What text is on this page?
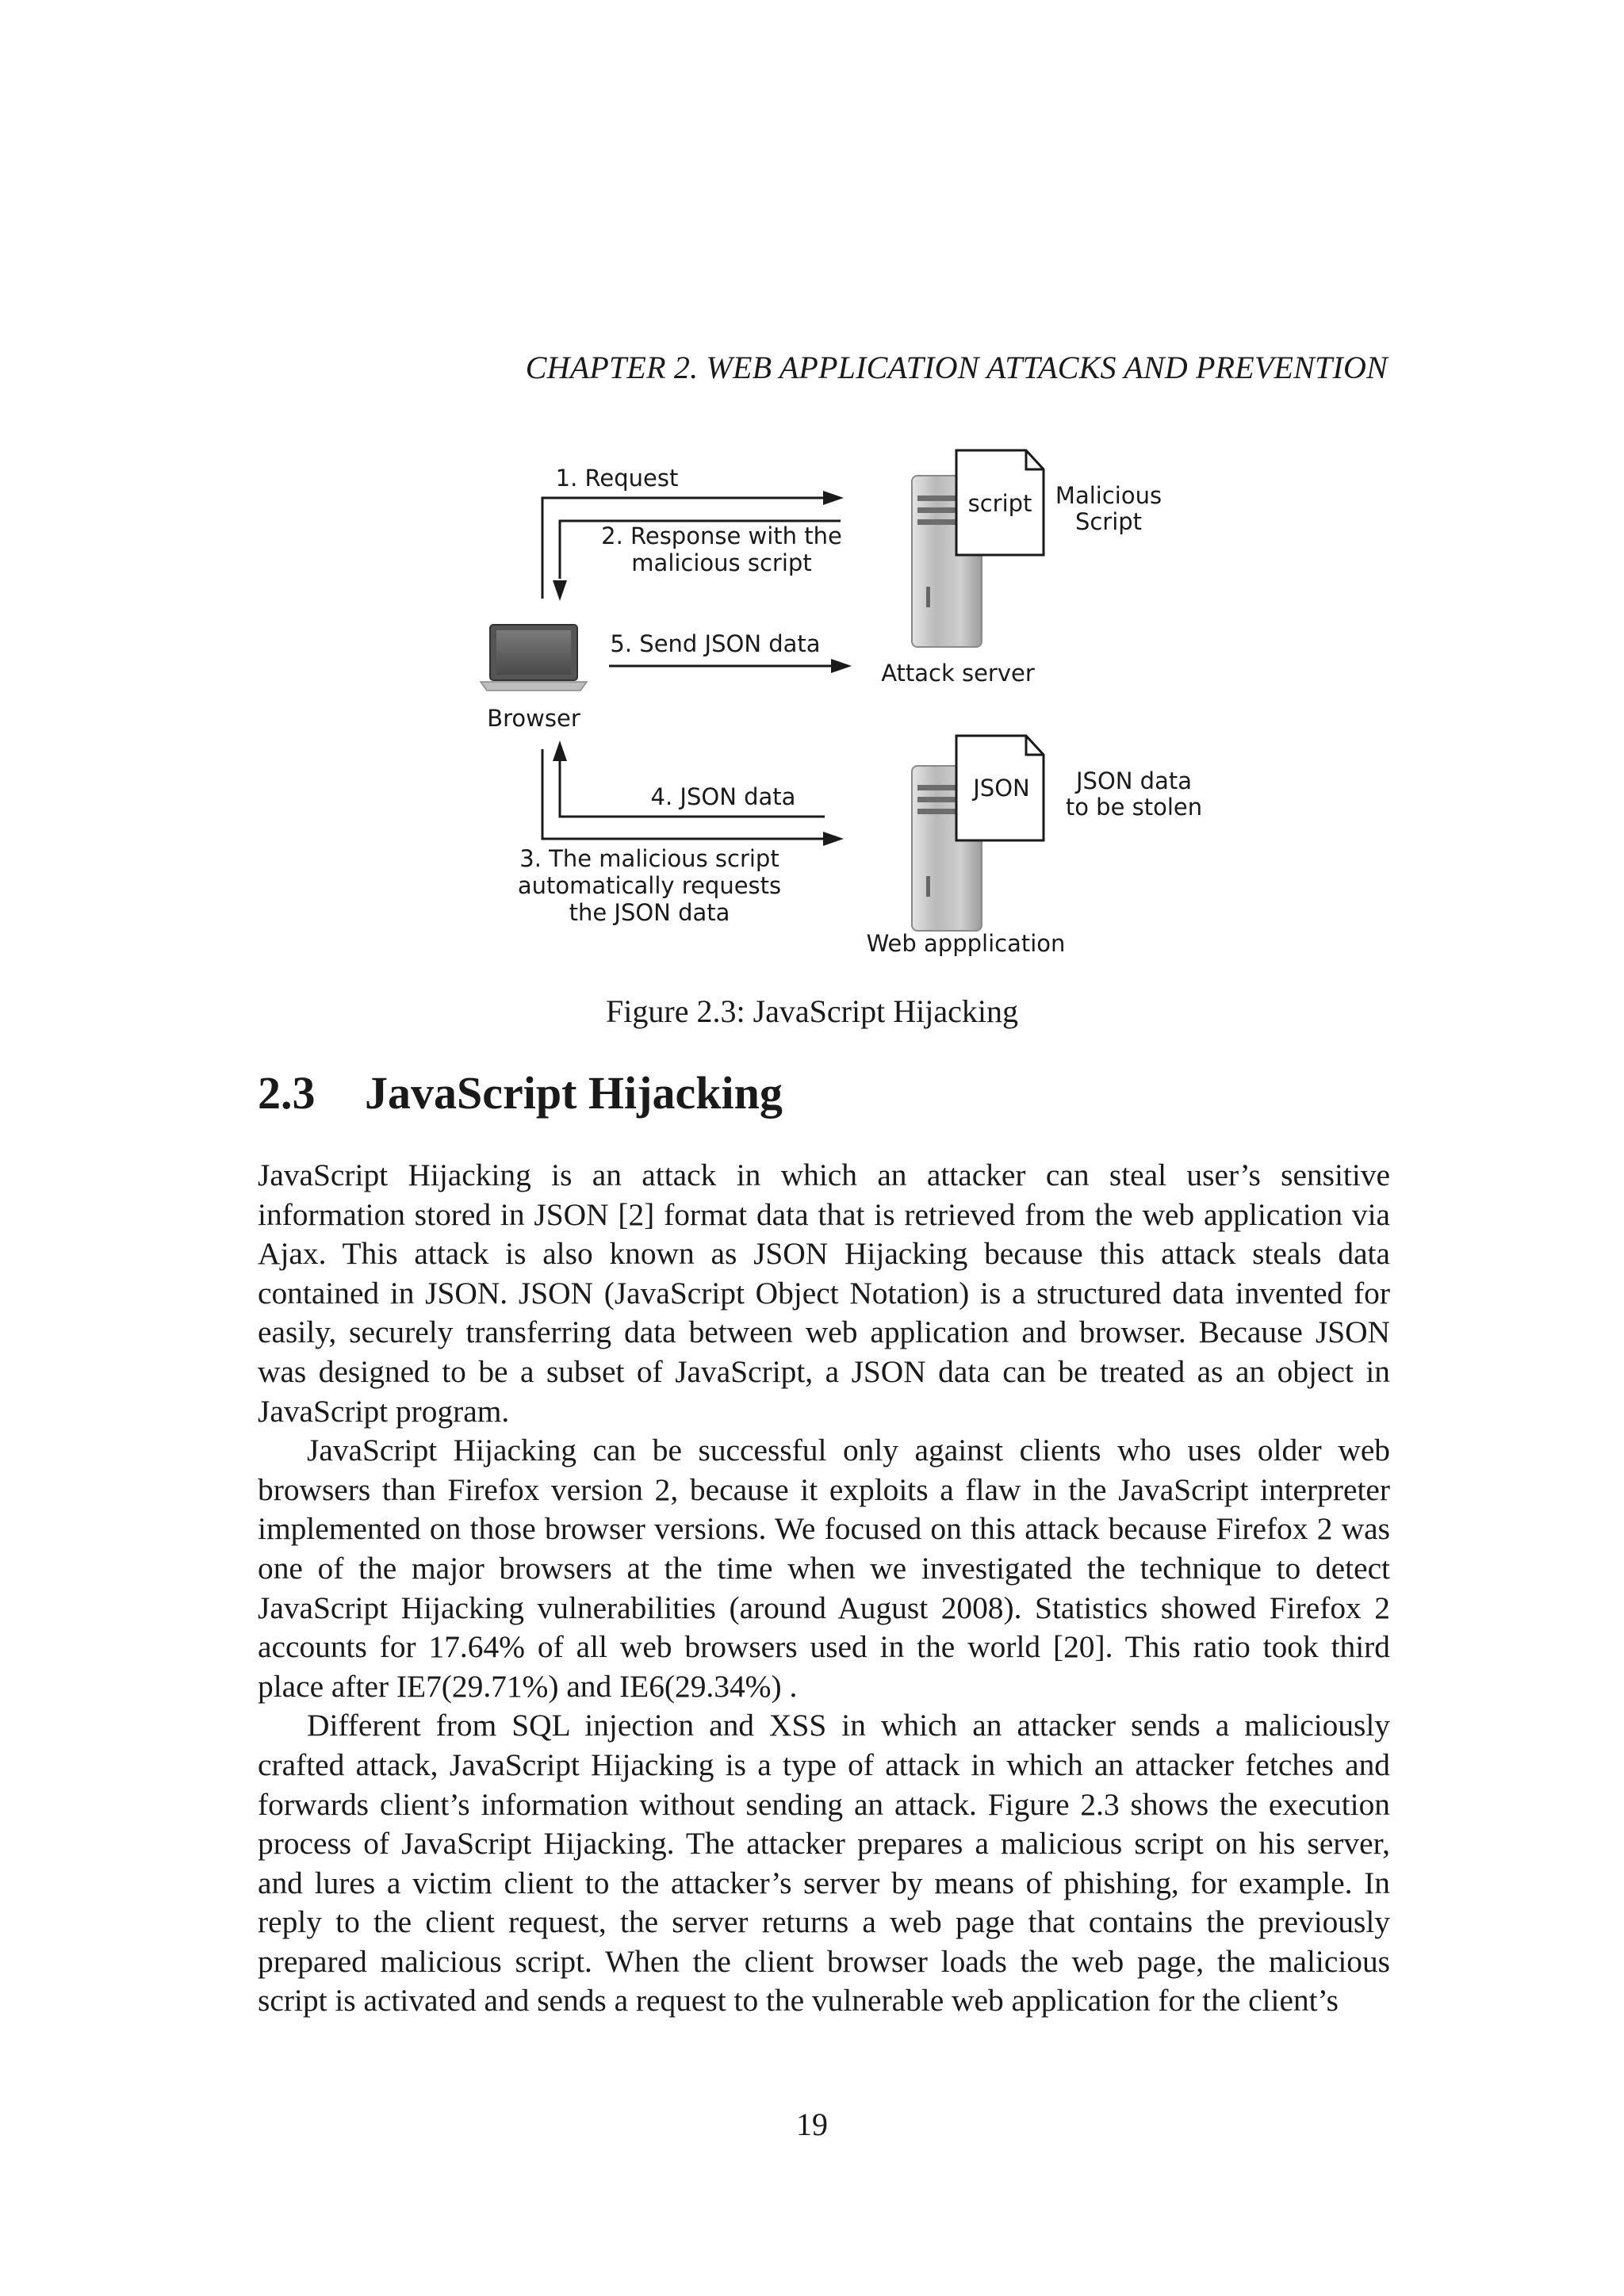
CHAPTER 2. WEB APPLICATION ATTACKS AND PREVENTION
Browser
script Malicious
Script
Attack server
JSON JSON data
to be stolen
Web appplication
1. Request
2. Response with the
malicious script
5. Send JSON data
4. JSON data
3. The malicious script
automatically requests
the JSON data
Figure 2.3: JavaScript Hijacking
2.3 JavaScript Hijacking

JavaScript Hijacking is an attack in which an attacker can steal user’s sensitive information stored in JSON [2] format data that is retrieved from the web application via Ajax. This attack is also known as JSON Hijacking because this attack steals data contained in JSON. JSON (JavaScript Object Notation) is a structured data invented for easily, securely transferring data between web application and browser. Because JSON was designed to be a subset of JavaScript, a JSON data can be treated as an object in JavaScript program.

JavaScript Hijacking can be successful only against clients who uses older web browsers than Firefox version 2, because it exploits a flaw in the JavaScript interpreter implemented on those browser versions. We focused on this attack because Firefox 2 was one of the major browsers at the time when we investigated the technique to detect JavaScript Hijacking vulnerabilities (around August 2008). Statistics showed Firefox 2 accounts for 17.64% of all web browsers used in the world [20]. This ratio took third place after IE7(29.71%) and IE6(29.34%) .

Different from SQL injection and XSS in which an attacker sends a maliciously crafted attack, JavaScript Hijacking is a type of attack in which an attacker fetches and forwards client’s information without sending an attack. Figure 2.3 shows the execution process of JavaScript Hijacking. The attacker prepares a malicious script on his server, and lures a victim client to the attacker’s server by means of phishing, for example. In reply to the client request, the server returns a web page that contains the previously prepared malicious script. When the client browser loads the web page, the malicious script is activated and sends a request to the vulnerable web application for the client’s

19
